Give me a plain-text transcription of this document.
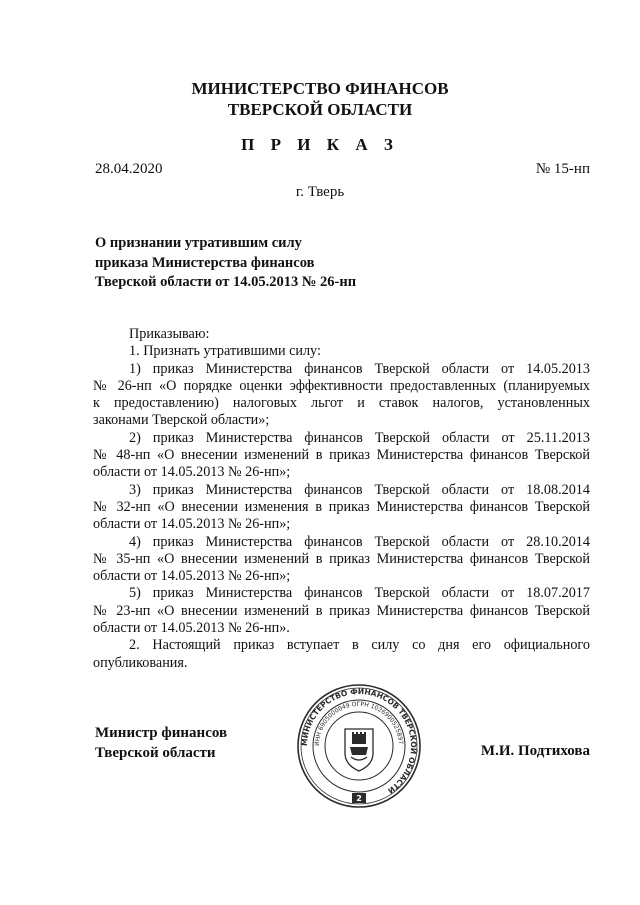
МИНИСТЕРСТВО ФИНАНСОВ
ТВЕРСКОЙ ОБЛАСТИ
П Р И К А З
28.04.2020	№ 15-нп
г. Тверь
О признании утратившим силу
приказа Министерства финансов
Тверской области от 14.05.2013 № 26-нп
Приказываю:
1. Признать утратившими силу:
1) приказ Министерства финансов Тверской области от 14.05.2013
№ 26-нп «О порядке оценки эффективности предоставленных (планируемых
к предоставлению) налоговых льгот и ставок налогов, установленных
законами Тверской области»;
2) приказ Министерства финансов Тверской области от 25.11.2013
№ 48-нп «О внесении изменений в приказ Министерства финансов Тверской
области от 14.05.2013 № 26-нп»;
3) приказ Министерства финансов Тверской области от 18.08.2014
№ 32-нп «О внесении изменения в приказ Министерства финансов Тверской
области от 14.05.2013 № 26-нп»;
4) приказ Министерства финансов Тверской области от 28.10.2014
№ 35-нп «О внесении изменений в приказ Министерства финансов Тверской
области от 14.05.2013 № 26-нп»;
5) приказ Министерства финансов Тверской области от 18.07.2017
№ 23-нп «О внесении изменений в приказ Министерства финансов Тверской
области от 14.05.2013 № 26-нп».
2. Настоящий приказ вступает в силу со дня его официального
опубликования.
Министр финансов
Тверской области	М.И. Подтихова
МИНИСТЕРСТВО ФИНАНСОВ ТВЕРСКОЙ ОБЛАСТИ
ИНН 6905000049 ОГРН 1026900525897
2
